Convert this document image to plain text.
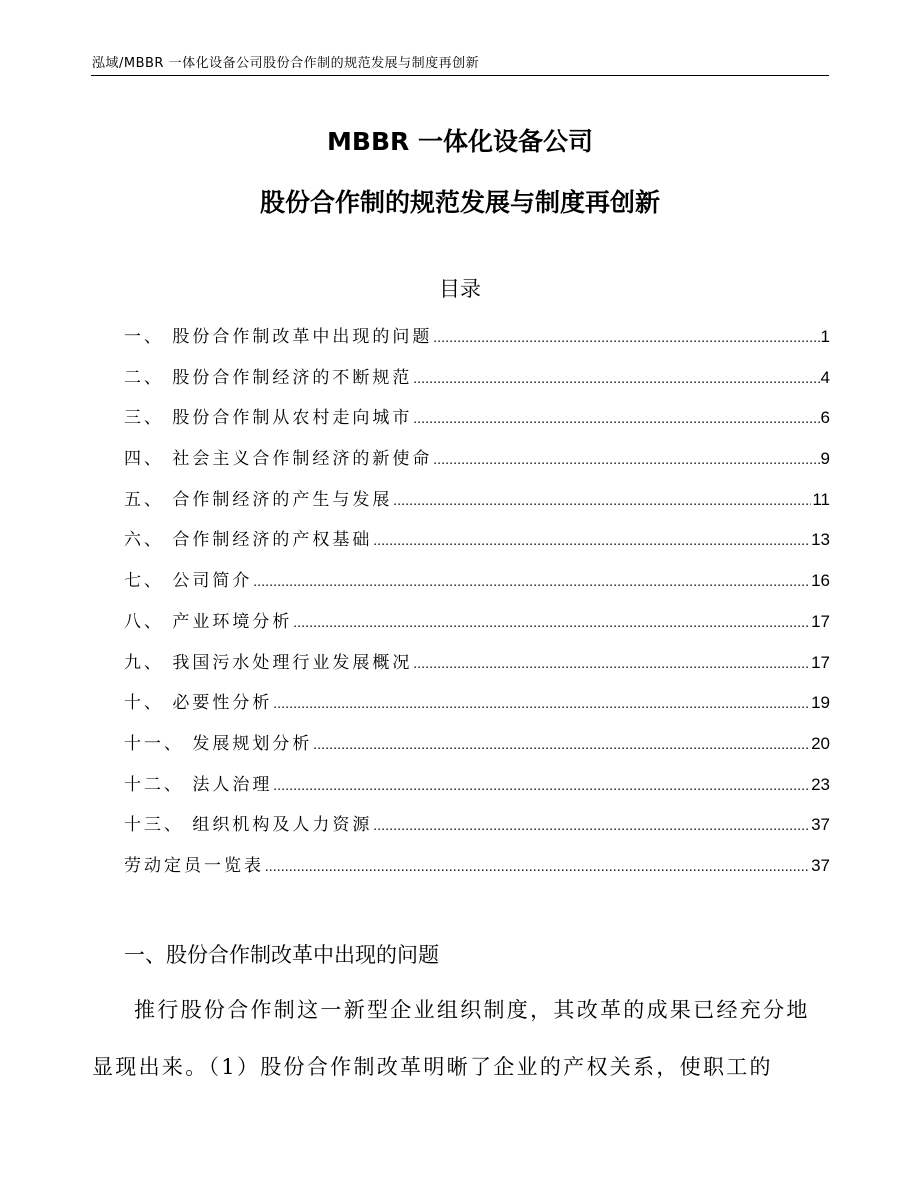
泓域/MBBR 一体化设备公司股份合作制的规范发展与制度再创新
MBBR 一体化设备公司
股份合作制的规范发展与制度再创新
目录
一、 股份合作制改革中出现的问题 .....	1
二、 股份合作制经济的不断规范 .....	4
三、 股份合作制从农村走向城市 .....	6
四、 社会主义合作制经济的新使命 .....	9
五、 合作制经济的产生与发展 .....	11
六、 合作制经济的产权基础 .....	13
七、 公司简介 .....	16
八、 产业环境分析 .....	17
九、 我国污水处理行业发展概况 .....	17
十、 必要性分析 .....	19
十一、 发展规划分析 .....	20
十二、 法人治理 .....	23
十三、 组织机构及人力资源 .....	37
劳动定员一览表 .....	37
一、股份合作制改革中出现的问题

推行股份合作制这一新型企业组织制度，其改革的成果已经充分地显现出来。（1）股份合作制改革明晰了企业的产权关系，使职工的
